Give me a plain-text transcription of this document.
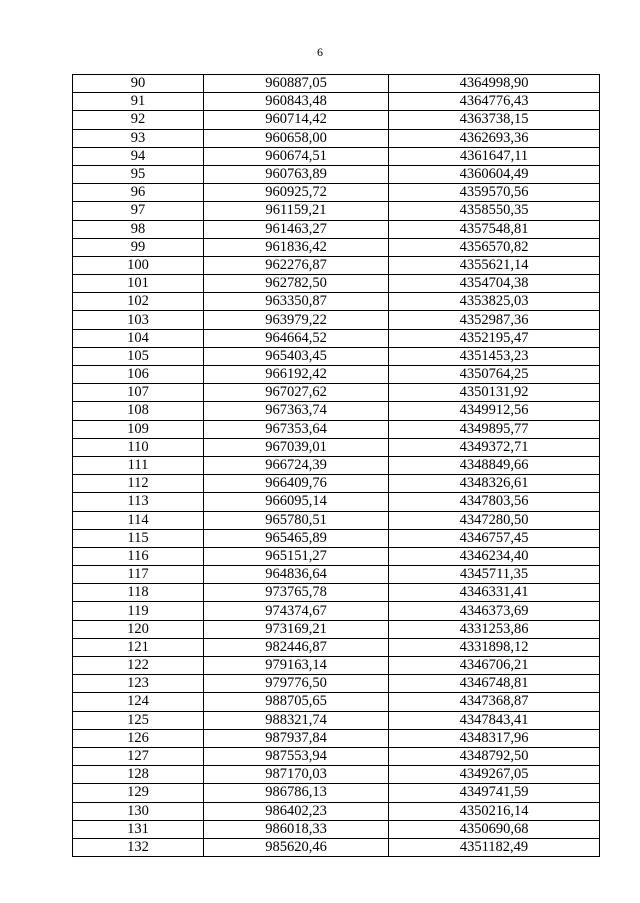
6
90	960887,05	4364998,90
91	960843,48	4364776,43
92	960714,42	4363738,15
93	960658,00	4362693,36
94	960674,51	4361647,11
95	960763,89	4360604,49
96	960925,72	4359570,56
97	961159,21	4358550,35
98	961463,27	4357548,81
99	961836,42	4356570,82
100	962276,87	4355621,14
101	962782,50	4354704,38
102	963350,87	4353825,03
103	963979,22	4352987,36
104	964664,52	4352195,47
105	965403,45	4351453,23
106	966192,42	4350764,25
107	967027,62	4350131,92
108	967363,74	4349912,56
109	967353,64	4349895,77
110	967039,01	4349372,71
111	966724,39	4348849,66
112	966409,76	4348326,61
113	966095,14	4347803,56
114	965780,51	4347280,50
115	965465,89	4346757,45
116	965151,27	4346234,40
117	964836,64	4345711,35
118	973765,78	4346331,41
119	974374,67	4346373,69
120	973169,21	4331253,86
121	982446,87	4331898,12
122	979163,14	4346706,21
123	979776,50	4346748,81
124	988705,65	4347368,87
125	988321,74	4347843,41
126	987937,84	4348317,96
127	987553,94	4348792,50
128	987170,03	4349267,05
129	986786,13	4349741,59
130	986402,23	4350216,14
131	986018,33	4350690,68
132	985620,46	4351182,49
